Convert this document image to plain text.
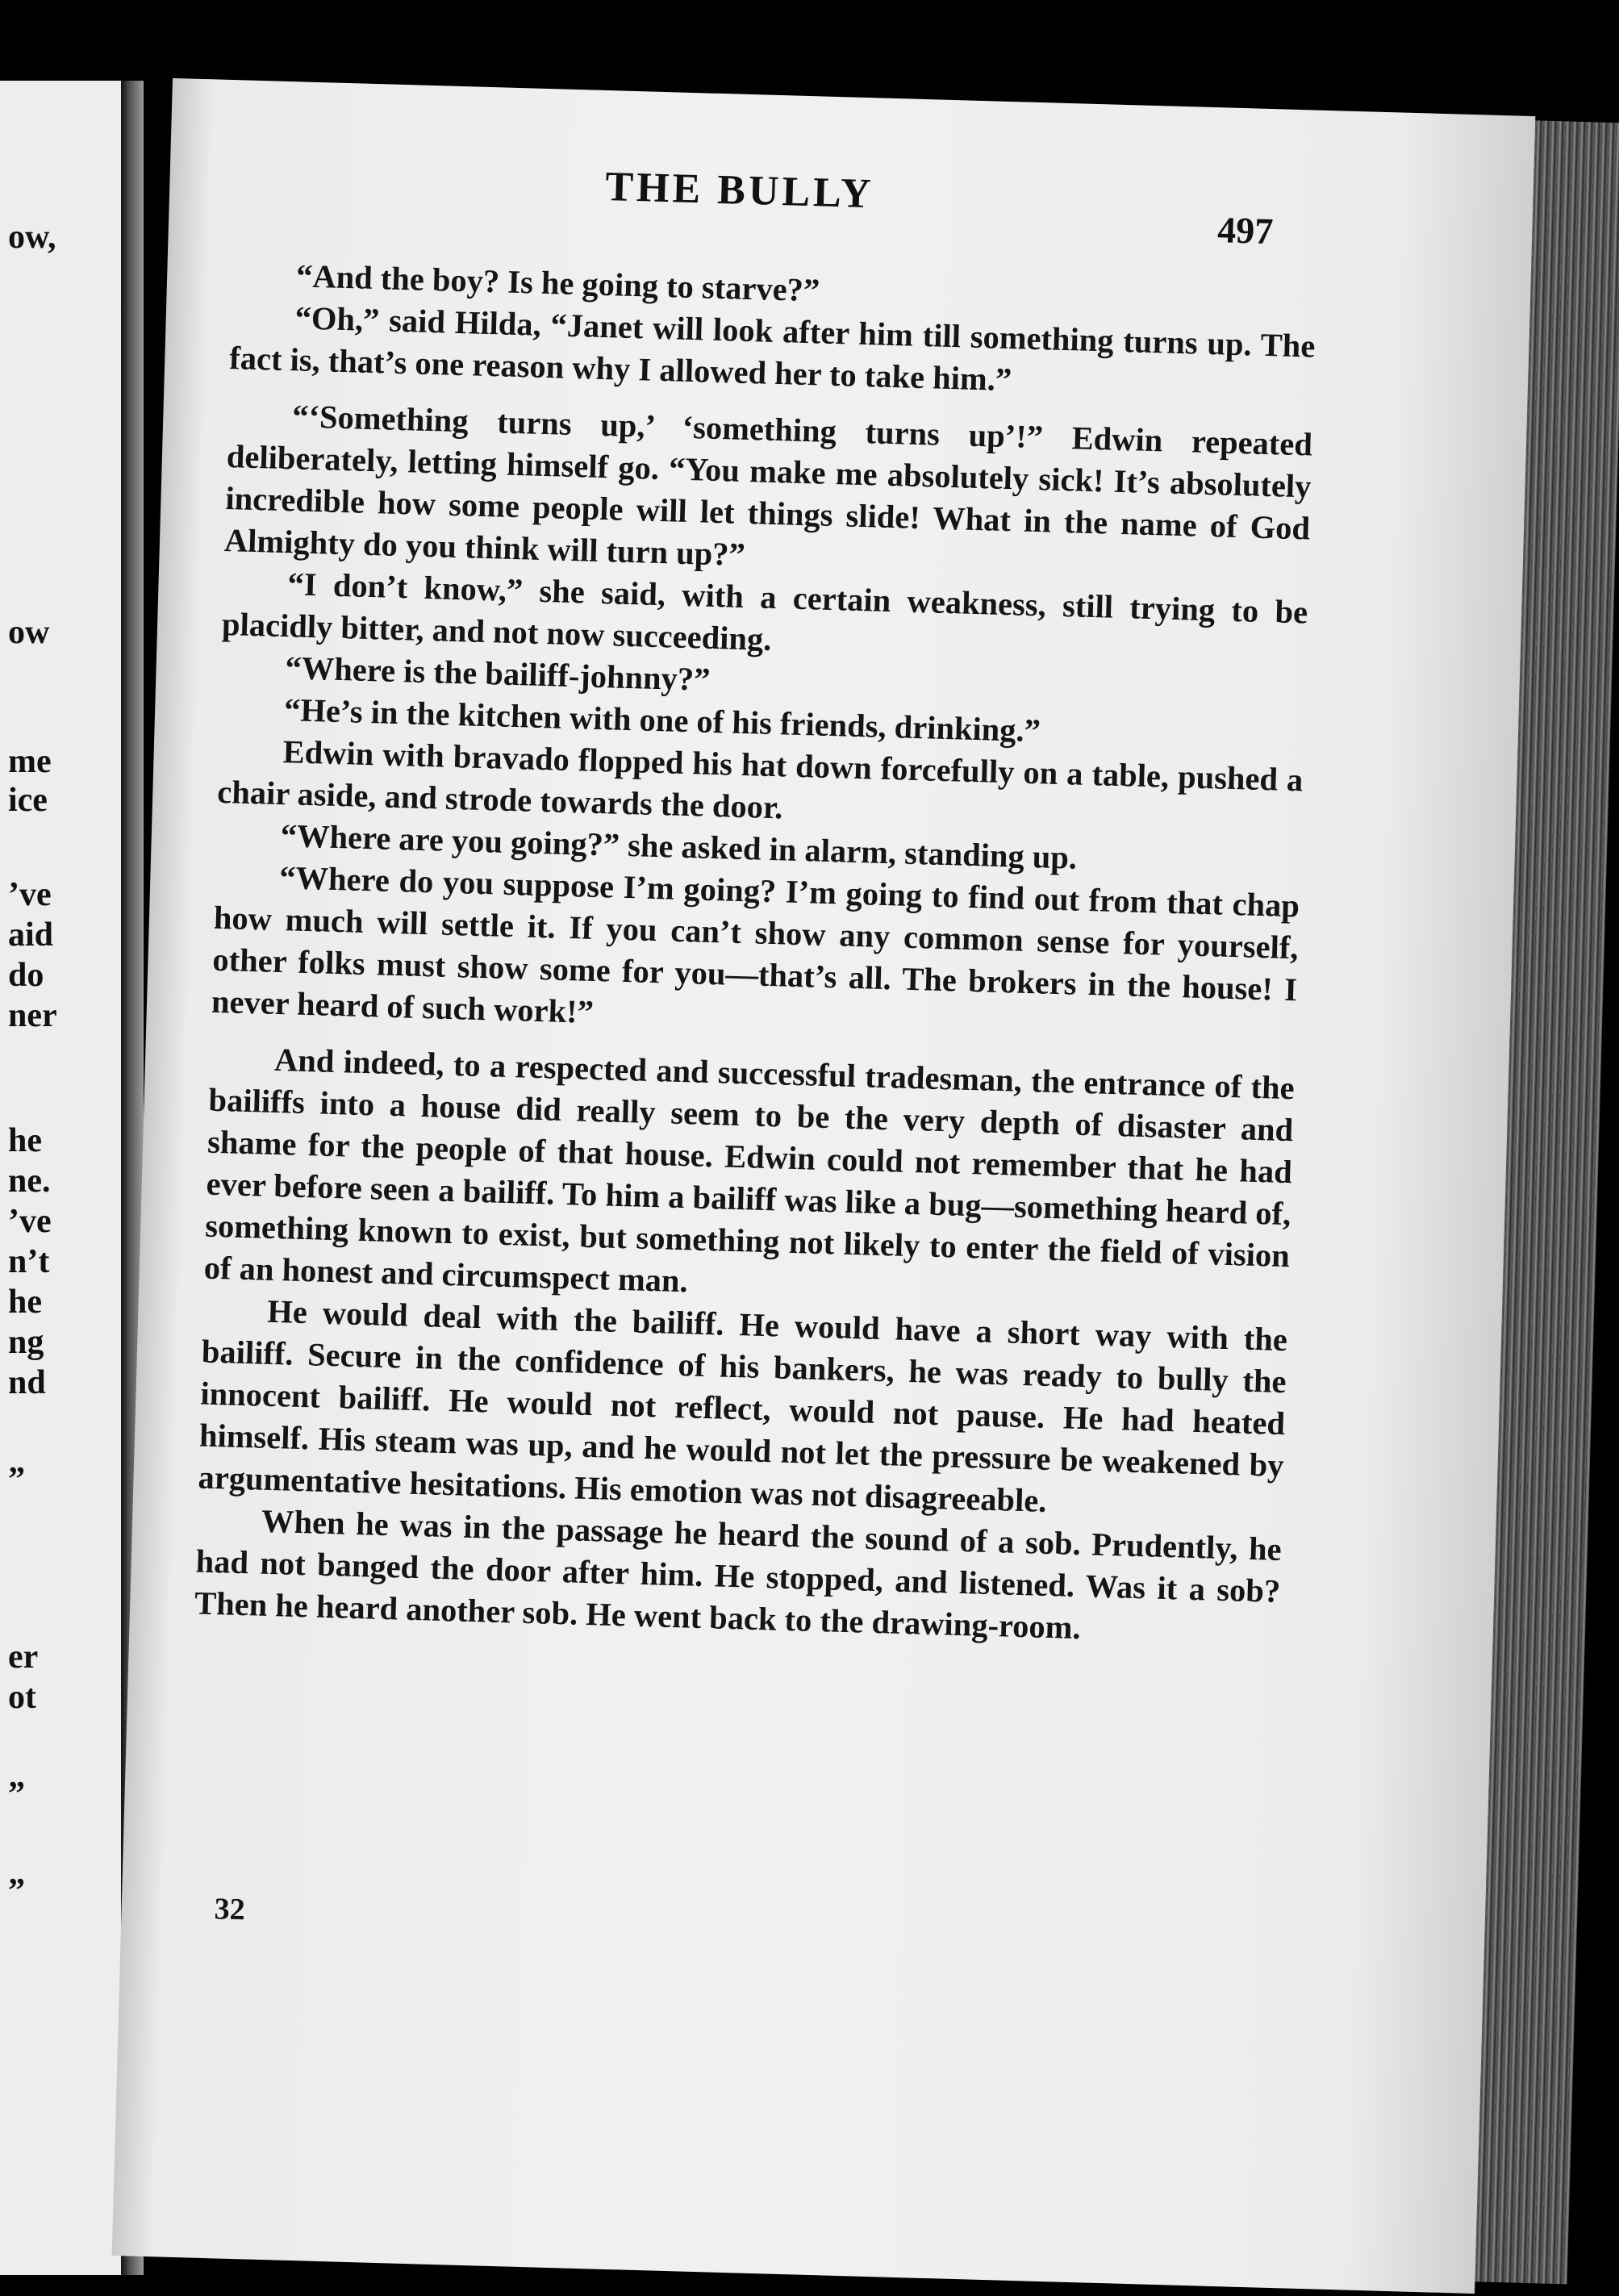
ow,
ow
me
ice
’ve
aid
do
ner
he
ne.
’ve
n’t
he
ng
nd
”
er
ot
”
”
THE BULLY
497

“And the boy? Is he going to starve?”

“Oh,” said Hilda, “Janet will look after him till something turns up. The fact is, that’s one reason why I allowed her to take him.”

“‘Something turns up,’ ‘something turns up’!” Edwin repeated deliberately, letting himself go. “You make me absolutely sick! It’s absolutely incredible how some people will let things slide! What in the name of God Almighty do you think will turn up?”

“I don’t know,” she said, with a certain weakness, still trying to be placidly bitter, and not now succeeding.

“Where is the bailiff-johnny?”

“He’s in the kitchen with one of his friends, drinking.”

Edwin with bravado flopped his hat down forcefully on a table, pushed a chair aside, and strode towards the door.

“Where are you going?” she asked in alarm, standing up.

“Where do you suppose I’m going? I’m going to find out from that chap how much will settle it. If you can’t show any common sense for yourself, other folks must show some for you—that’s all. The brokers in the house! I never heard of such work!”

And indeed, to a respected and successful tradesman, the entrance of the bailiffs into a house did really seem to be the very depth of disaster and shame for the people of that house. Edwin could not remember that he had ever before seen a bailiff. To him a bailiff was like a bug—something heard of, something known to exist, but something not likely to enter the field of vision of an honest and circumspect man.

He would deal with the bailiff. He would have a short way with the bailiff. Secure in the confidence of his bankers, he was ready to bully the innocent bailiff. He would not reflect, would not pause. He had heated himself. His steam was up, and he would not let the pressure be weakened by argumentative hesitations. His emotion was not disagreeable.

When he was in the passage he heard the sound of a sob. Prudently, he had not banged the door after him. He stopped, and listened. Was it a sob? Then he heard another sob. He went back to the drawing-room.

32
